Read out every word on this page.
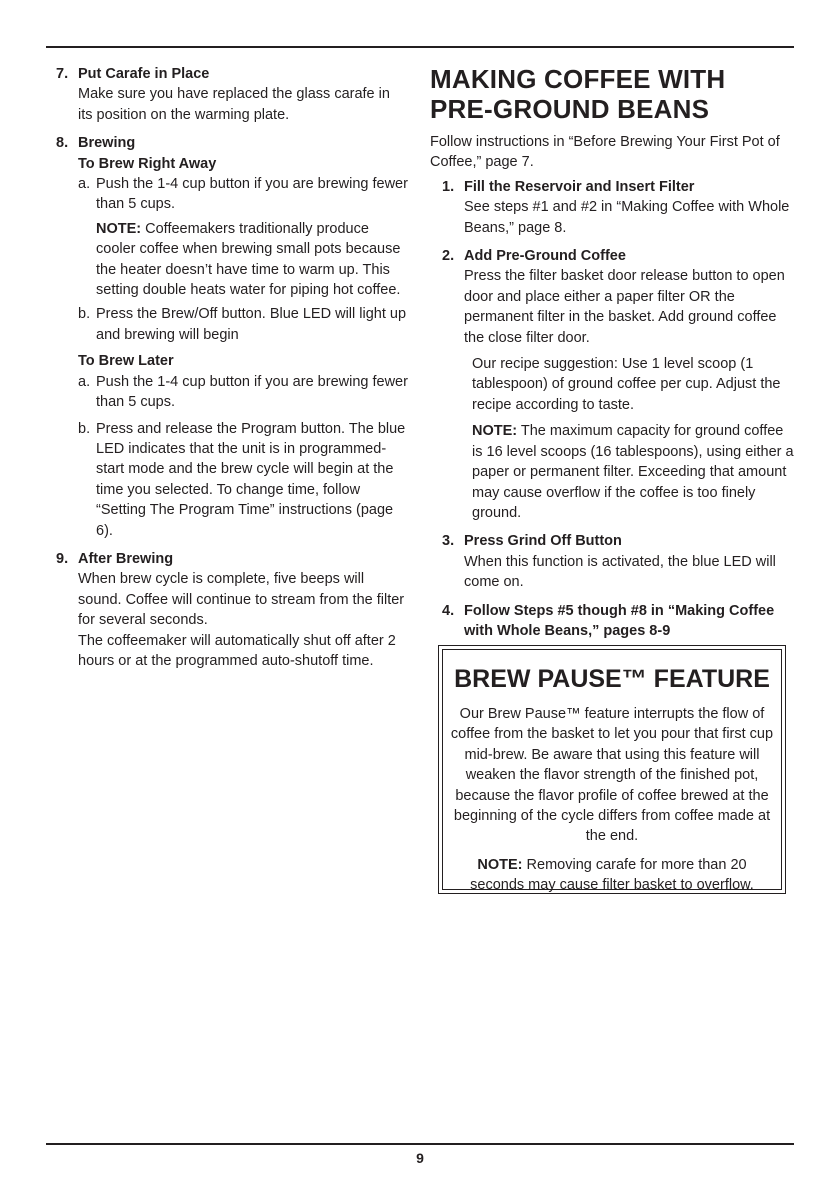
7. Put Carafe in Place

Make sure you have replaced the glass carafe in its position on the warming plate.

8. Brewing
To Brew Right Away
a. Push the 1-4 cup button if you are brewing fewer than 5 cups.
NOTE: Coffeemakers traditionally produce cooler coffee when brewing small pots because the heater doesn’t have time to warm up. This setting double heats water for piping hot coffee.
b. Press the Brew/Off button. Blue LED will light up and brewing will begin
To Brew Later
a. Push the 1-4 cup button if you are brewing fewer than 5 cups.
b. Press and release the Program button. The blue LED indicates that the unit is in programmed-start mode and the brew cycle will begin at the time you selected. To change time, follow “Setting The Program Time” instructions (page 6).
9. After Brewing

When brew cycle is complete, five beeps will sound. Coffee will continue to stream from the filter for several seconds.

The coffeemaker will automatically shut off after 2 hours or at the programmed auto-shutoff time.

MAKING COFFEE WITH
PRE-GROUND BEANS

Follow instructions in “Before Brewing Your First Pot of Coffee,” page 7.

1. Fill the Reservoir and Insert Filter

See steps #1 and #2 in “Making Coffee with Whole Beans,” page 8.

2. Add Pre-Ground Coffee

Press the filter basket door release button to open door and place either a paper filter OR the permanent filter in the basket. Add ground coffee the close filter door.

Our recipe suggestion: Use 1 level scoop (1 tablespoon) of ground coffee per cup. Adjust the recipe according to taste.

NOTE: The maximum capacity for ground coffee is 16 level scoops (16 tablespoons), using either a paper or permanent filter. Exceeding that amount may cause overflow if the coffee is too finely ground.

3. Press Grind Off Button

When this function is activated, the blue LED will come on.

4. Follow Steps #5 though #8 in “Making Coffee with Whole Beans,” pages 8-9
BREW PAUSE™ FEATURE

Our Brew Pause™ feature interrupts the flow of coffee from the basket to let you pour that first cup mid-brew. Be aware that using this feature will weaken the flavor strength of the finished pot, because the flavor profile of coffee brewed at the beginning of the cycle differs from coffee made at the end.

NOTE: Removing carafe for more than 20 seconds may cause filter basket to overflow.

9
